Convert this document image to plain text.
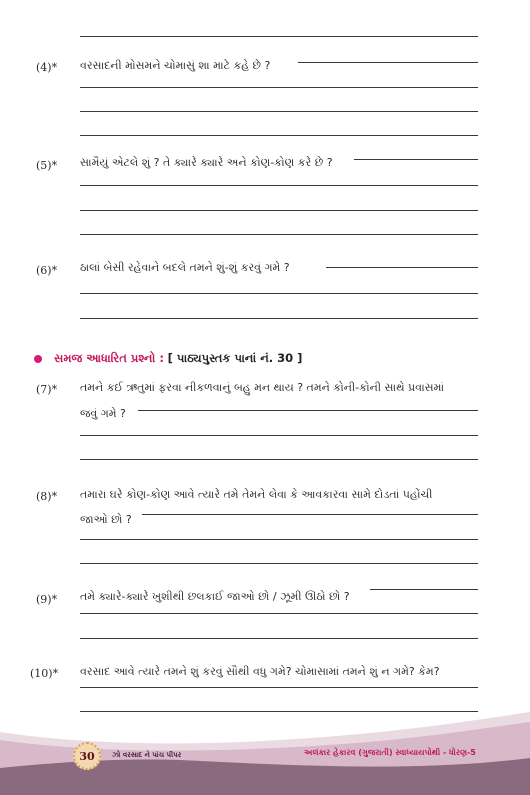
(4)* વરસાદની મોસમને ચોમાસું શા માટે કહે છે ?
(5)* સામૈયું એટલે શું ? તે ક્યારે ક્યારે અને કોણ-કોણ કરે છે ?
(6)* ઠાલાં બેસી રહેવાને બદલે તમને શું-શું કરવું ગમે ?
સમજ આધારિત પ્રશ્નો : [ પાઠ્યપુસ્તક પાનાં નં. 30 ]
(7)* તમને કઈ ઋતુમાં ફરવા નીકળવાનું બહુ મન થાય ? તમને કોની-કોની સાથે પ્રવાસમાં
જવું ગમે ?
(8)* તમારા ઘરે કોણ-કોણ આવે ત્યારે તમે તેમને લેવા કે આવકારવા સામે દોડતાં પહોંચી
જાઓ છો ?
(9)* તમે ક્યારે-ક્યારે ખુશીથી છલકાઈ જાઓ છો / ઝૂમી ઊઠો છો ?
(10)* વરસાદ આવે ત્યારે તમને શું કરવું સૌથી વધુ ગમે? ચોમાસામાં તમને શું ન ગમે? કેમ?
30	ઝો વરસાદ ને પાંચ પીપર	અલંકાર હેકારવ (ગુજરાતી) સ્વાધ્યાયપોથી - ધોરણ-5
